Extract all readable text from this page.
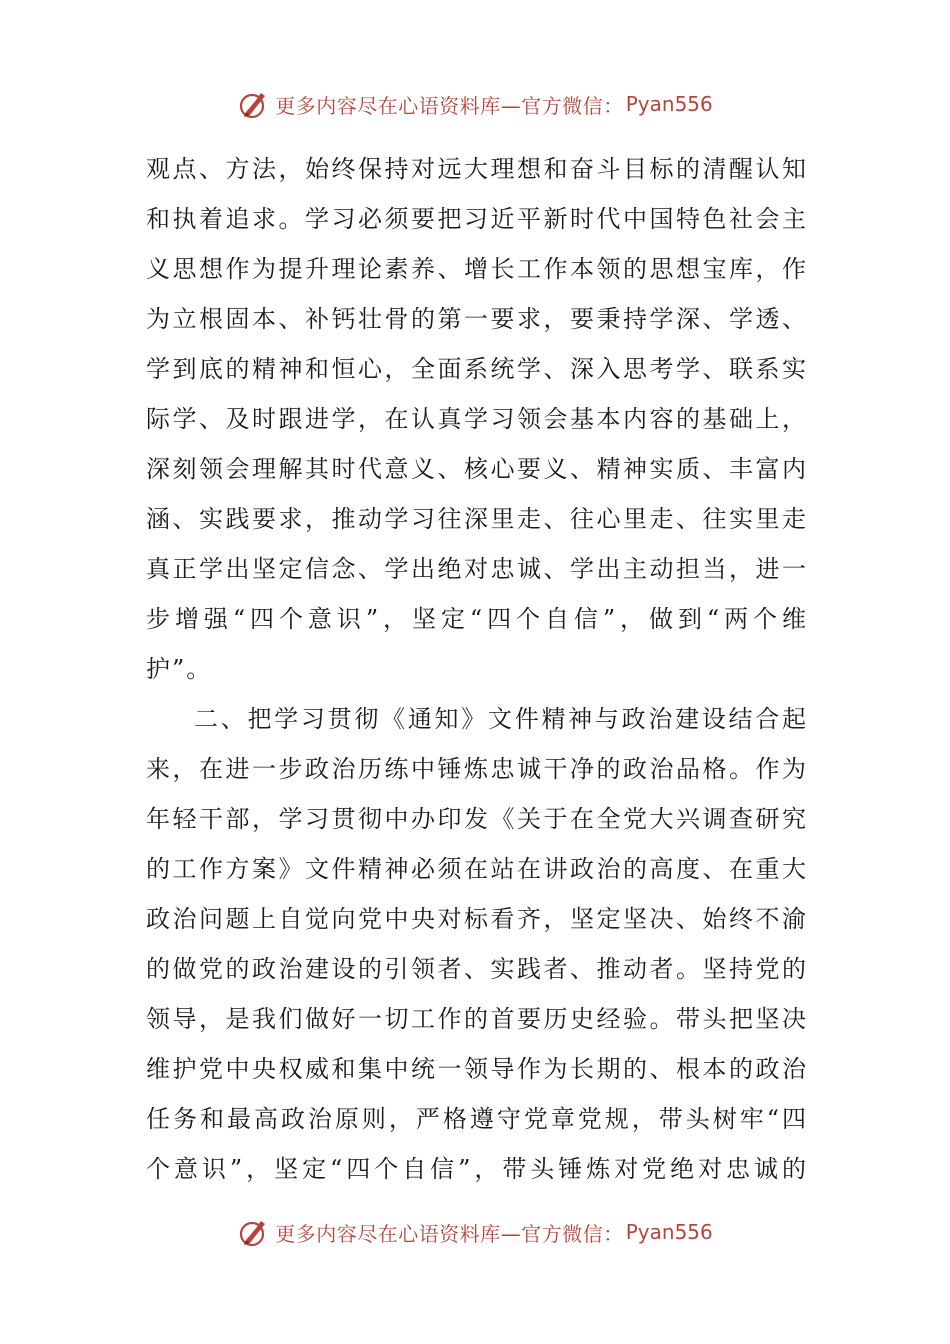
更多内容尽在心语资料库—官方微信： Pyan556
观点、方法，始终保持对远大理想和奋斗目标的清醒认知
和执着追求。学习必须要把习近平新时代中国特色社会主
义思想作为提升理论素养、增长工作本领的思想宝库，作
为立根固本、补钙壮骨的第一要求，要秉持学深、学透、
学到底的精神和恒心，全面系统学、深入思考学、联系实
际学、及时跟进学，在认真学习领会基本内容的基础上，
深刻领会理解其时代意义、核心要义、精神实质、丰富内
涵、实践要求，推动学习往深里走、往心里走、往实里走
真正学出坚定信念、学出绝对忠诚、学出主动担当，进一
步增强“四个意识”，坚定“四个自信”，做到“两个维
护”。
二、把学习贯彻《通知》文件精神与政治建设结合起
来，在进一步政治历练中锤炼忠诚干净的政治品格。作为
年轻干部，学习贯彻中办印发《关于在全党大兴调查研究
的工作方案》文件精神必须在站在讲政治的高度、在重大
政治问题上自觉向党中央对标看齐，坚定坚决、始终不渝
的做党的政治建设的引领者、实践者、推动者。坚持党的
领导，是我们做好一切工作的首要历史经验。带头把坚决
维护党中央权威和集中统一领导作为长期的、根本的政治
任务和最高政治原则，严格遵守党章党规，带头树牢“四
个意识”，坚定“四个自信”，带头锤炼对党绝对忠诚的
更多内容尽在心语资料库—官方微信： Pyan556
